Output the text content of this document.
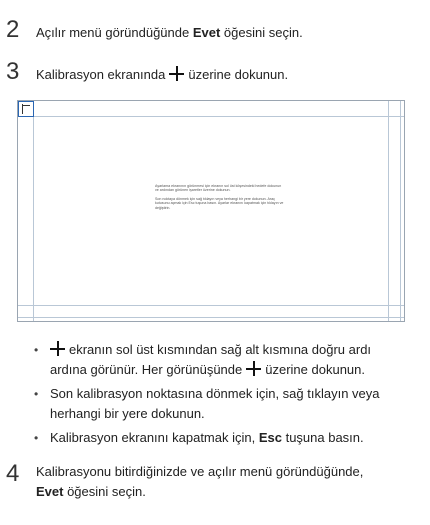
2	Açılır menü göründüğünde Evet öğesini seçin.
3	Kalibrasyon ekranında üzerine dokunun.
Ayarlama ekranının görünmesi için ekranın sol üst köşesindeki hedefe dokunun ve ardından görünen işaretler üzerine dokunun.
Son noktaya dönmek için sağ tıklayın veya herhangi bir yere dokunun. Araç kutusunu açmak için Esc tuşuna basın. Ayarlar ekranını kapatmak için tıklayın ve değiştirin.
•	ekranın sol üst kısmından sağ alt kısmına doğru ardı ardına görünür. Her görünüşünde üzerine dokunun.
• Son kalibrasyon noktasına dönmek için, sağ tıklayın veya herhangi bir yere dokunun.
• Kalibrasyon ekranını kapatmak için, Esc tuşuna basın.
4	Kalibrasyonu bitirdiğinizde ve açılır menü göründüğünde,
Evet öğesini seçin.
